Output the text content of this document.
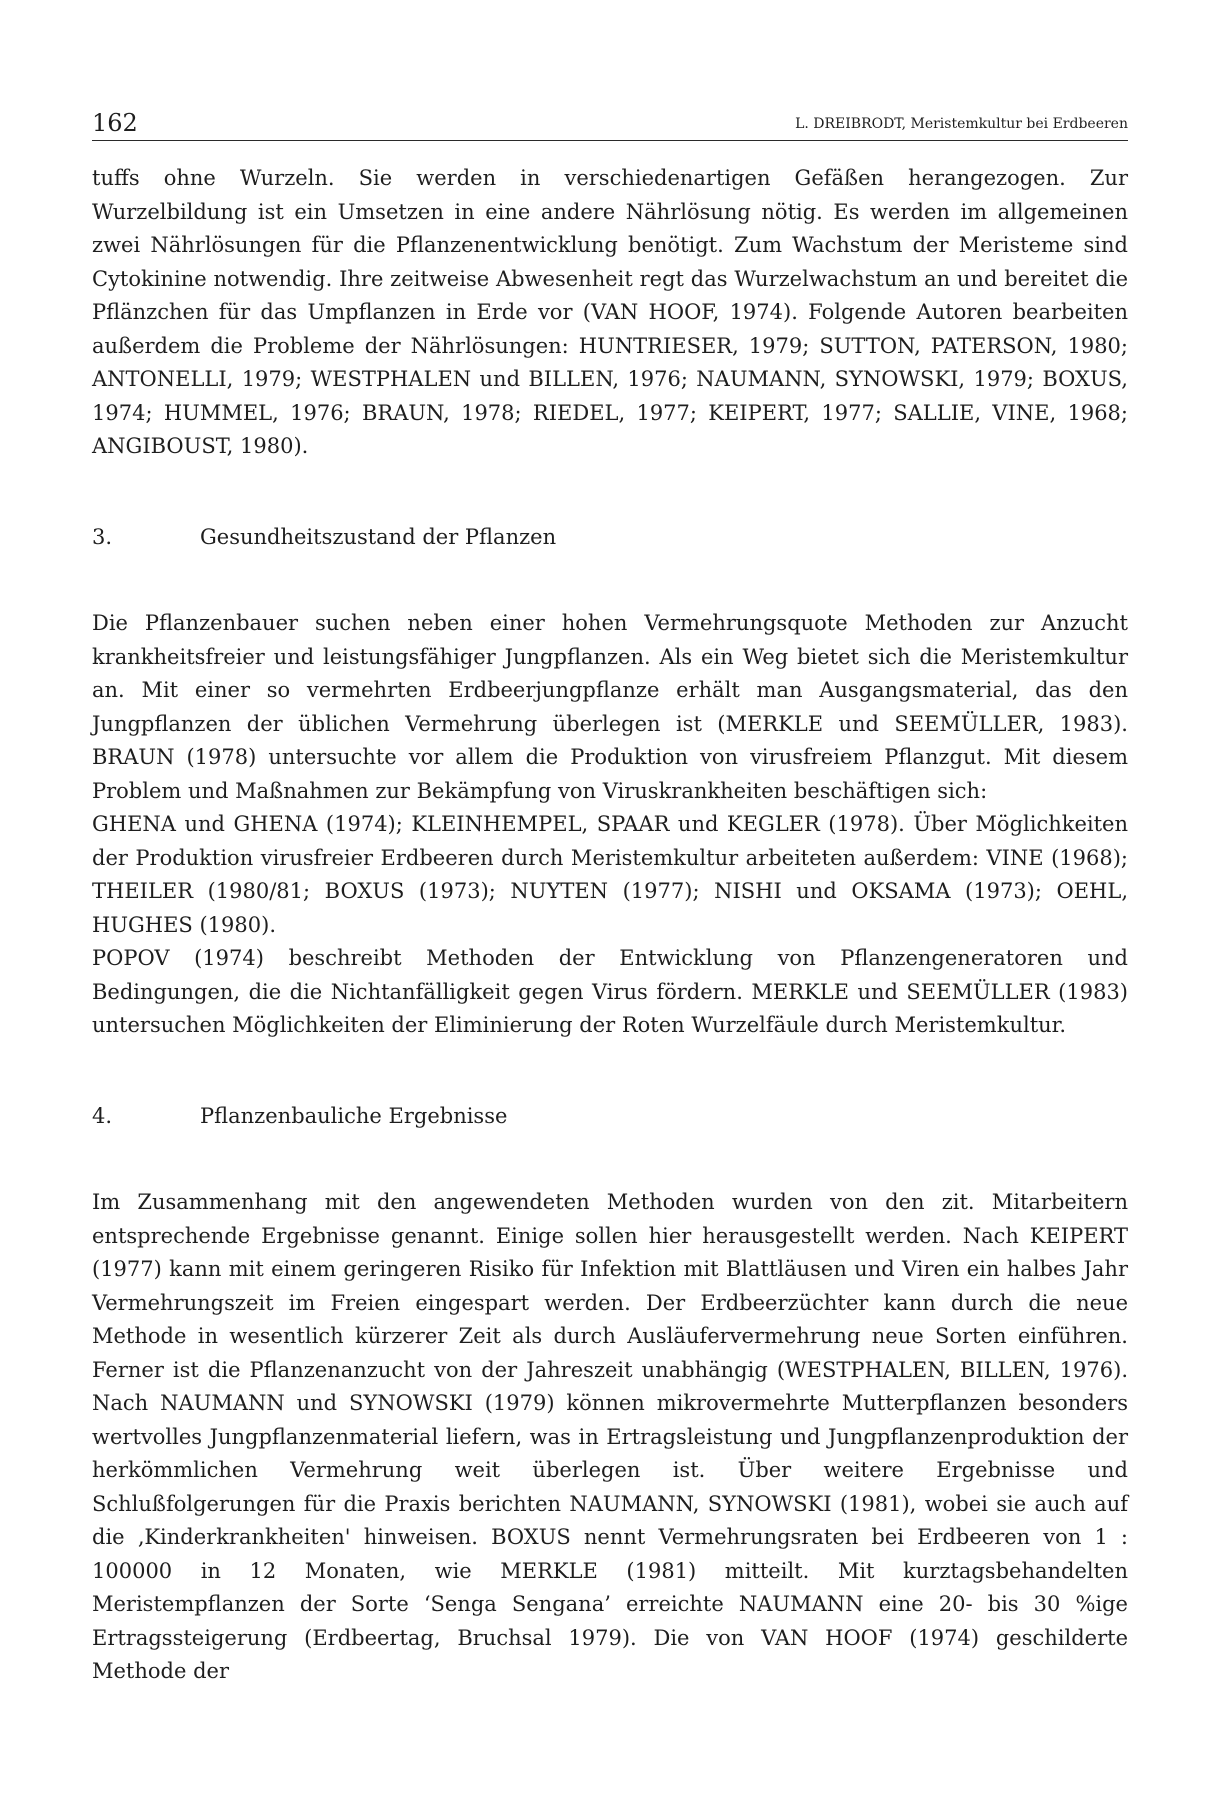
162	L. DREIBRODT, Meristemkultur bei Erdbeeren

tuffs ohne Wurzeln. Sie werden in verschiedenartigen Gefäßen herangezogen. Zur Wurzelbildung ist ein Umsetzen in eine andere Nährlösung nötig. Es werden im allgemeinen zwei Nährlösungen für die Pflanzenentwicklung benötigt. Zum Wachstum der Meristeme sind Cytokinine notwendig. Ihre zeitweise Abwesenheit regt das Wurzelwachstum an und bereitet die Pflänzchen für das Umpflanzen in Erde vor (VAN HOOF, 1974). Folgende Autoren bearbeiten außerdem die Probleme der Nährlösungen: HUNTRIESER, 1979; SUTTON, PATERSON, 1980; ANTONELLI, 1979; WESTPHALEN und BILLEN, 1976; NAUMANN, SYNOWSKI, 1979; BOXUS, 1974; HUMMEL, 1976; BRAUN, 1978; RIEDEL, 1977; KEIPERT, 1977; SALLIE, VINE, 1968; ANGIBOUST, 1980).

3.	Gesundheitszustand der Pflanzen

Die Pflanzenbauer suchen neben einer hohen Vermehrungsquote Methoden zur Anzucht krankheitsfreier und leistungsfähiger Jungpflanzen. Als ein Weg bietet sich die Meristemkultur an. Mit einer so vermehrten Erdbeerjungpflanze erhält man Ausgangsmaterial, das den Jungpflanzen der üblichen Vermehrung überlegen ist (MERKLE und SEEMÜLLER, 1983). BRAUN (1978) untersuchte vor allem die Produktion von virusfreiem Pflanzgut. Mit diesem Problem und Maßnahmen zur Bekämpfung von Viruskrankheiten beschäftigen sich:

GHENA und GHENA (1974); KLEINHEMPEL, SPAAR und KEGLER (1978). Über Möglichkeiten der Produktion virusfreier Erdbeeren durch Meristemkultur arbeiteten außerdem: VINE (1968); THEILER (1980/81; BOXUS (1973); NUYTEN (1977); NISHI und OKSAMA (1973); OEHL, HUGHES (1980).

POPOV (1974) beschreibt Methoden der Entwicklung von Pflanzengeneratoren und Bedingungen, die die Nichtanfälligkeit gegen Virus fördern. MERKLE und SEEMÜLLER (1983) untersuchen Möglichkeiten der Eliminierung der Roten Wurzelfäule durch Meristemkultur.

4.	Pflanzenbauliche Ergebnisse

Im Zusammenhang mit den angewendeten Methoden wurden von den zit. Mitarbeitern entsprechende Ergebnisse genannt. Einige sollen hier herausgestellt werden. Nach KEIPERT (1977) kann mit einem geringeren Risiko für Infektion mit Blattläusen und Viren ein halbes Jahr Vermehrungszeit im Freien eingespart werden. Der Erdbeerzüchter kann durch die neue Methode in wesentlich kürzerer Zeit als durch Ausläufervermehrung neue Sorten einführen. Ferner ist die Pflanzenanzucht von der Jahreszeit unabhängig (WESTPHALEN, BILLEN, 1976). Nach NAUMANN und SYNOWSKI (1979) können mikrovermehrte Mutterpflanzen besonders wertvolles Jungpflanzenmaterial liefern, was in Ertragsleistung und Jungpflanzenproduktion der herkömmlichen Vermehrung weit überlegen ist. Über weitere Ergebnisse und Schlußfolgerungen für die Praxis berichten NAUMANN, SYNOWSKI (1981), wobei sie auch auf die ‚Kinderkrankheiten' hinweisen. BOXUS nennt Vermehrungsraten bei Erdbeeren von 1 : 100000 in 12 Monaten, wie MERKLE (1981) mitteilt. Mit kurztagsbehandelten Meristempflanzen der Sorte ‘Senga Sengana’ erreichte NAUMANN eine 20- bis 30 %ige Ertragssteigerung (Erdbeertag, Bruchsal 1979). Die von VAN HOOF (1974) geschilderte Methode der
